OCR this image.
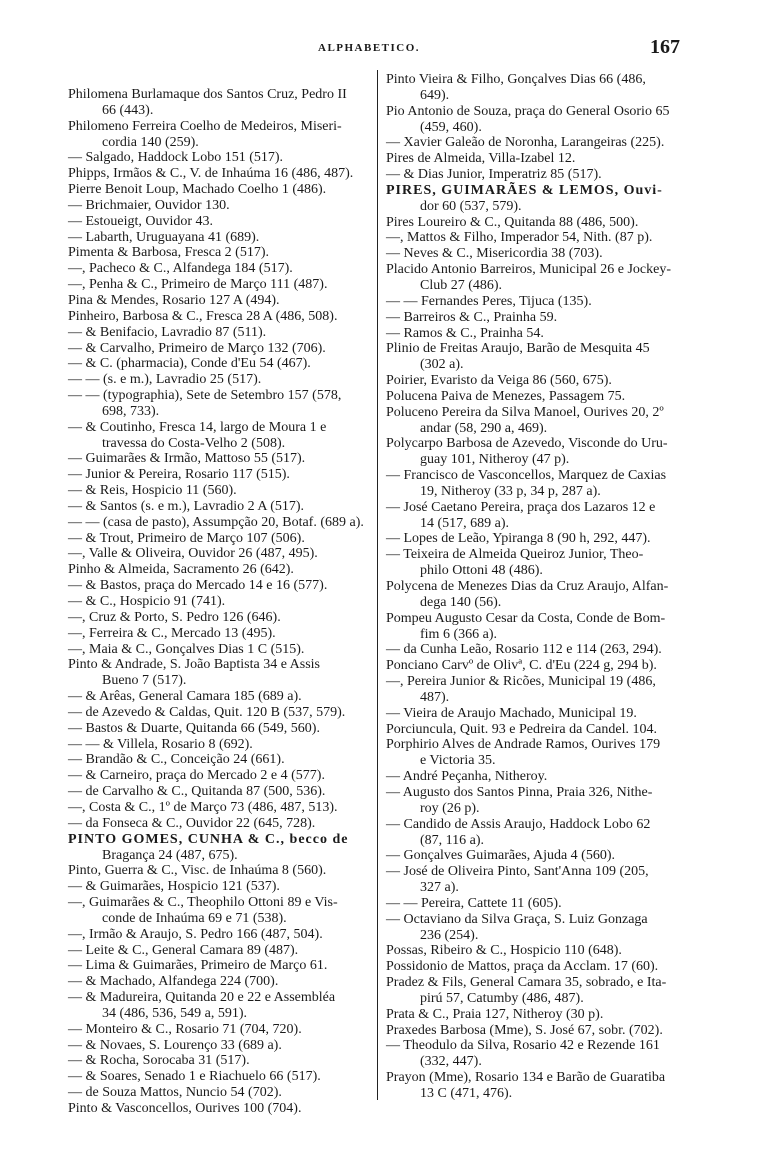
ALPHABETICO.	167
Philomena Burlamaque dos Santos Cruz, Pedro II
66 (443).
Philomeno Ferreira Coelho de Medeiros, Miseri-
cordia 140 (259).
— Salgado, Haddock Lobo 151 (517).
Phipps, Irmãos & C., V. de Inhaúma 16 (486, 487).
Pierre Benoit Loup, Machado Coelho 1 (486).
— Brichmaier, Ouvidor 130.
— Estoueigt, Ouvidor 43.
— Labarth, Uruguayana 41 (689).
Pimenta & Barbosa, Fresca 2 (517).
—, Pacheco & C., Alfandega 184 (517).
—, Penha & C., Primeiro de Março 111 (487).
Pina & Mendes, Rosario 127 A (494).
Pinheiro, Barbosa & C., Fresca 28 A (486, 508).
— & Benifacio, Lavradio 87 (511).
— & Carvalho, Primeiro de Março 132 (706).
— & C. (pharmacia), Conde d'Eu 54 (467).
— — (s. e m.), Lavradio 25 (517).
— — (typographia), Sete de Setembro 157 (578,
698, 733).
— & Coutinho, Fresca 14, largo de Moura 1 e
travessa do Costa-Velho 2 (508).
— Guimarães & Irmão, Mattoso 55 (517).
— Junior & Pereira, Rosario 117 (515).
— & Reis, Hospicio 11 (560).
— & Santos (s. e m.), Lavradio 2 A (517).
— — (casa de pasto), Assumpção 20, Botaf. (689 a).
— & Trout, Primeiro de Março 107 (506).
—, Valle & Oliveira, Ouvidor 26 (487, 495).
Pinho & Almeida, Sacramento 26 (642).
— & Bastos, praça do Mercado 14 e 16 (577).
— & C., Hospicio 91 (741).
—, Cruz & Porto, S. Pedro 126 (646).
—, Ferreira & C., Mercado 13 (495).
—, Maia & C., Gonçalves Dias 1 C (515).
Pinto & Andrade, S. João Baptista 34 e Assis
Bueno 7 (517).
— & Arêas, General Camara 185 (689 a).
— de Azevedo & Caldas, Quit. 120 B (537, 579).
— Bastos & Duarte, Quitanda 66 (549, 560).
— — & Villela, Rosario 8 (692).
— Brandão & C., Conceição 24 (661).
— & Carneiro, praça do Mercado 2 e 4 (577).
— de Carvalho & C., Quitanda 87 (500, 536).
—, Costa & C., 1º de Março 73 (486, 487, 513).
— da Fonseca & C., Ouvidor 22 (645, 728).
PINTO GOMES, CUNHA & C., becco de
Bragança 24 (487, 675).
Pinto, Guerra & C., Visc. de Inhaúma 8 (560).
— & Guimarães, Hospicio 121 (537).
—, Guimarães & C., Theophilo Ottoni 89 e Vis-
conde de Inhaúma 69 e 71 (538).
—, Irmão & Araujo, S. Pedro 166 (487, 504).
— Leite & C., General Camara 89 (487).
— Lima & Guimarães, Primeiro de Março 61.
— & Machado, Alfandega 224 (700).
— & Madureira, Quitanda 20 e 22 e Assembléa
34 (486, 536, 549 a, 591).
— Monteiro & C., Rosario 71 (704, 720).
— & Novaes, S. Lourenço 33 (689 a).
— & Rocha, Sorocaba 31 (517).
— & Soares, Senado 1 e Riachuelo 66 (517).
— de Souza Mattos, Nuncio 54 (702).
Pinto & Vasconcellos, Ourives 100 (704).
Pinto Vieira & Filho, Gonçalves Dias 66 (486,
649).
Pio Antonio de Souza, praça do General Osorio 65
(459, 460).
— Xavier Galeão de Noronha, Larangeiras (225).
Pires de Almeida, Villa-Izabel 12.
— & Dias Junior, Imperatriz 85 (517).
PIRES, GUIMARÃES & LEMOS, Ouvi-
dor 60 (537, 579).
Pires Loureiro & C., Quitanda 88 (486, 500).
—, Mattos & Filho, Imperador 54, Nith. (87 p).
— Neves & C., Misericordia 38 (703).
Placido Antonio Barreiros, Municipal 26 e Jockey-
Club 27 (486).
— — Fernandes Peres, Tijuca (135).
— Barreiros & C., Prainha 59.
— Ramos & C., Prainha 54.
Plinio de Freitas Araujo, Barão de Mesquita 45
(302 a).
Poirier, Evaristo da Veiga 86 (560, 675).
Polucena Paiva de Menezes, Passagem 75.
Poluceno Pereira da Silva Manoel, Ourives 20, 2º
andar (58, 290 a, 469).
Polycarpo Barbosa de Azevedo, Visconde do Uru-
guay 101, Nitheroy (47 p).
— Francisco de Vasconcellos, Marquez de Caxias
19, Nitheroy (33 p, 34 p, 287 a).
— José Caetano Pereira, praça dos Lazaros 12 e
14 (517, 689 a).
— Lopes de Leão, Ypiranga 8 (90 h, 292, 447).
— Teixeira de Almeida Queiroz Junior, Theo-
philo Ottoni 48 (486).
Polycena de Menezes Dias da Cruz Araujo, Alfan-
dega 140 (56).
Pompeu Augusto Cesar da Costa, Conde de Bom-
fim 6 (366 a).
— da Cunha Leão, Rosario 112 e 114 (263, 294).
Ponciano Carvº de Olivª, C. d'Eu (224 g, 294 b).
—, Pereira Junior & Ricões, Municipal 19 (486,
487).
— Vieira de Araujo Machado, Municipal 19.
Porciuncula, Quit. 93 e Pedreira da Candel. 104.
Porphirio Alves de Andrade Ramos, Ourives 179
e Victoria 35.
— André Peçanha, Nitheroy.
— Augusto dos Santos Pinna, Praia 326, Nithe-
roy (26 p).
— Candido de Assis Araujo, Haddock Lobo 62
(87, 116 a).
— Gonçalves Guimarães, Ajuda 4 (560).
— José de Oliveira Pinto, Sant'Anna 109 (205,
327 a).
— — Pereira, Cattete 11 (605).
— Octaviano da Silva Graça, S. Luiz Gonzaga
236 (254).
Possas, Ribeiro & C., Hospicio 110 (648).
Possidonio de Mattos, praça da Acclam. 17 (60).
Pradez & Fils, General Camara 35, sobrado, e Ita-
pirú 57, Catumby (486, 487).
Prata & C., Praia 127, Nitheroy (30 p).
Praxedes Barbosa (Mme), S. José 67, sobr. (702).
— Theodulo da Silva, Rosario 42 e Rezende 161
(332, 447).
Prayon (Mme), Rosario 134 e Barão de Guaratiba
13 C (471, 476).
